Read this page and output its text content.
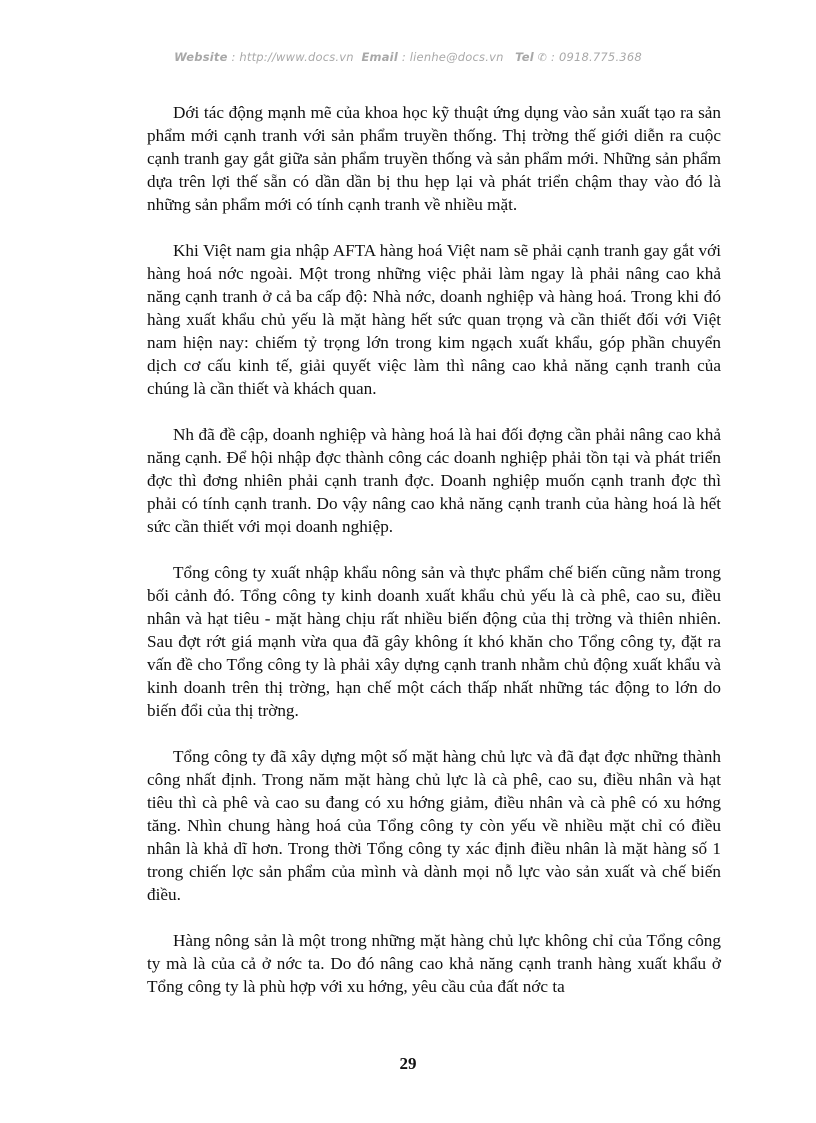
Website : http://www.docs.vn Email : lienhe@docs.vn Tel ✆ : 0918.775.368

Dới tác động mạnh mẽ của khoa học kỹ thuật ứng dụng vào sản xuất tạo ra sản phẩm mới cạnh tranh với sản phẩm truyền thống. Thị trờng thế giới diễn ra cuộc cạnh tranh gay gắt giữa sản phẩm truyền thống và sản phẩm mới. Những sản phẩm dựa trên lợi thế sẵn có dần dần bị thu hẹp lại và phát triển chậm thay vào đó là những sản phẩm mới có tính cạnh tranh về nhiều mặt.

Khi Việt nam gia nhập AFTA hàng hoá Việt nam sẽ phải cạnh tranh gay gắt với hàng hoá nớc ngoài. Một trong những việc phải làm ngay là phải nâng cao khả năng cạnh tranh ở cả ba cấp độ: Nhà nớc, doanh nghiệp và hàng hoá. Trong khi đó hàng xuất khẩu chủ yếu là mặt hàng hết sức quan trọng và cần thiết đối với Việt nam hiện nay: chiếm tỷ trọng lớn trong kim ngạch xuất khẩu, góp phần chuyển dịch cơ cấu kinh tế, giải quyết việc làm thì nâng cao khả năng cạnh tranh của chúng là cần thiết và khách quan.

Nh đã đề cập, doanh nghiệp và hàng hoá là hai đối đợng cần phải nâng cao khả năng cạnh. Để hội nhập đợc thành công các doanh nghiệp phải tồn tại và phát triển đợc thì đơng nhiên phải cạnh tranh đợc. Doanh nghiệp muốn cạnh tranh đợc thì phải có tính cạnh tranh. Do vậy nâng cao khả năng cạnh tranh của hàng hoá là hết sức cần thiết với mọi doanh nghiệp.

Tổng công ty xuất nhập khẩu nông sản và thực phẩm chế biến cũng nằm trong bối cảnh đó. Tổng công ty kinh doanh xuất khẩu chủ yếu là cà phê, cao su, điều nhân và hạt tiêu - mặt hàng chịu rất nhiều biến động của thị trờng và thiên nhiên. Sau đợt rớt giá mạnh vừa qua đã gây không ít khó khăn cho Tổng công ty, đặt ra vấn đề cho Tổng công ty là phải xây dựng cạnh tranh nhằm chủ động xuất khẩu và kinh doanh trên thị trờng, hạn chế một cách thấp nhất những tác động to lớn do biến đổi của thị trờng.

Tổng công ty đã xây dựng một số mặt hàng chủ lực và đã đạt đợc những thành công nhất định. Trong năm mặt hàng chủ lực là cà phê, cao su, điều nhân và hạt tiêu thì cà phê và cao su đang có xu hớng giảm, điều nhân và cà phê có xu hớng tăng. Nhìn chung hàng hoá của Tổng công ty còn yếu về nhiều mặt chỉ có điều nhân là khả dĩ hơn. Trong thời Tổng công ty xác định điều nhân là mặt hàng số 1 trong chiến lợc sản phẩm của mình và dành mọi nỗ lực vào sản xuất và chế biến điều.

Hàng nông sản là một trong những mặt hàng chủ lực không chỉ của Tổng công ty mà là của cả ở nớc ta. Do đó nâng cao khả năng cạnh tranh hàng xuất khẩu ở Tổng công ty là phù hợp với xu hớng, yêu cầu của đất nớc ta

29
